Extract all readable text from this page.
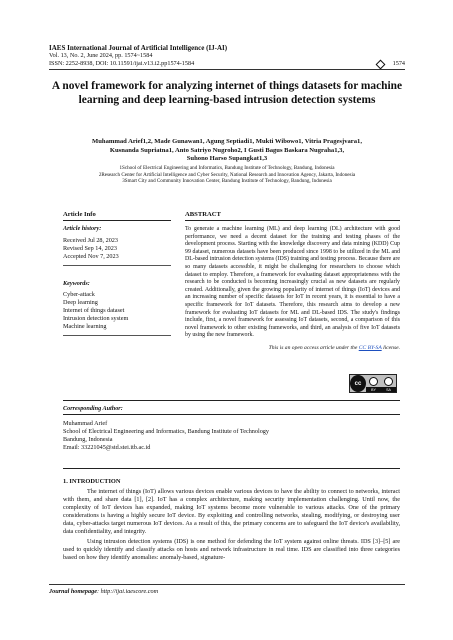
IAES International Journal of Artificial Intelligence (IJ-AI)
Vol. 13, No. 2, June 2024, pp. 1574~1584
ISSN: 2252-8938, DOI: 10.11591/ijai.v13.i2.pp1574-1584	1574
A novel framework for analyzing internet of things datasets for machine learning and deep learning-based intrusion detection systems
Muhammad Arief1,2, Made Gunawan1, Agung Septiadi1, Mukti Wibowo1, Vitria Pragesjvara1,
Kusnanda Supriatna1, Anto Satriyo Nugroho2, I Gusti Bagus Baskara Nugraha1,3,
Suhono Harso Supangkat1,3
1School of Electrical Engineering and Informatics, Bandung Institute of Technology, Bandung, Indonesia
2Research Center for Artificial Intelligence and Cyber Security, National Research and Innovation Agency, Jakarta, Indonesia
3Smart City and Community Innovation Center, Bandung Institute of Technology, Bandung, Indonesia
Article Info
Article history:
Received Jul 28, 2023
Revised Sep 14, 2023
Accepted Nov 7, 2023
Keywords:
Cyber-attack
Deep learning
Internet of things dataset
Intrusion detection system
Machine learning
ABSTRACT
To generate a machine learning (ML) and deep learning (DL) architecture with good performance, we need a decent dataset for the training and testing phases of the development process. Starting with the knowledge discovery and data mining (KDD) Cup 99 dataset, numerous datasets have been produced since 1998 to be utilized in the ML and DL-based intrusion detection systems (IDS) training and testing process. Because there are so many datasets accessible, it might be challenging for researchers to choose which dataset to employ. Therefore, a framework for evaluating dataset appropriateness with the research to be conducted is becoming increasingly crucial as new datasets are regularly created. Additionally, given the growing popularity of internet of things (IoT) devices and an increasing number of specific datasets for IoT in recent years, it is essential to have a specific framework for IoT datasets. Therefore, this research aims to develop a new framework for evaluating IoT datasets for ML and DL-based IDS. The study's findings include, first, a novel framework for assessing IoT datasets, second, a comparison of this novel framework to other existing frameworks, and third, an analysis of five IoT datasets by using the new framework.
This is an open access article under the CC BY-SA license.
cc
BY	SA
Corresponding Author:
Muhammad Arief
School of Electrical Engineering and Informatics, Bandung Institute of Technology
Bandung, Indonesia
Email: 33221045@std.stei.itb.ac.id
1. INTRODUCTION

The internet of things (IoT) allows various devices enable various devices to have the ability to connect to networks, interact with them, and share data [1], [2]. IoT has a complex architecture, making security implementation challenging. Until now, the complexity of IoT devices has expanded, making IoT systems become more vulnerable to various attacks. One of the primary considerations is having a highly secure IoT device. By exploiting and controlling networks, stealing, modifying, or destroying user data, cyber-attacks target numerous IoT devices. As a result of this, the primary concerns are to safeguard the IoT device's availability, data confidentiality, and integrity.

Using intrusion detection systems (IDS) is one method for defending the IoT system against online threats. IDS [3]–[5] are used to quickly identify and classify attacks on hosts and network infrastructure in real time. IDS are classified into three categories based on how they identify anomalies: anomaly-based, signature-

Journal homepage: http://ijai.iaescore.com
